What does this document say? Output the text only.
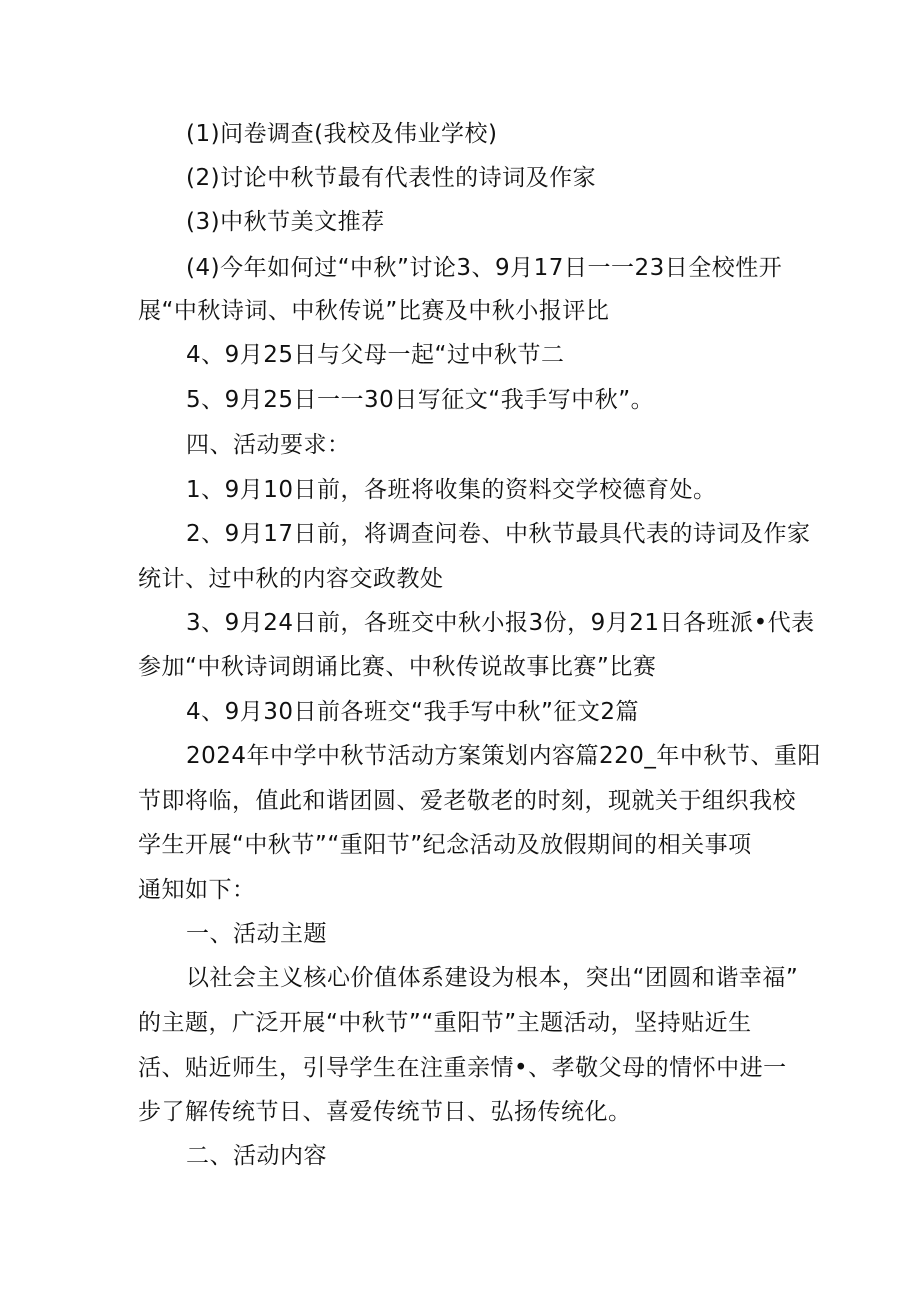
(1)问卷调查(我校及伟业学校)
(2)讨论中秋节最有代表性的诗词及作家
(3)中秋节美文推荐
(4)今年如何过“中秋”讨论3、9月17日一一23日全校性开
展“中秋诗词、中秋传说”比赛及中秋小报评比
4、9月25日与父母一起“过中秋节二
5、9月25日一一30日写征文“我手写中秋”。
四、活动要求：
1、9月10日前，各班将收集的资料交学校德育处。
2、9月17日前，将调查问卷、中秋节最具代表的诗词及作家
统计、过中秋的内容交政教处
3、9月24日前，各班交中秋小报3份，9月21日各班派•代表
参加“中秋诗词朗诵比赛、中秋传说故事比赛”比赛
4、9月30日前各班交“我手写中秋”征文2篇
2024年中学中秋节活动方案策划内容篇220_年中秋节、重阳
节即将临，值此和谐团圆、爱老敬老的时刻，现就关于组织我校
学生开展“中秋节”“重阳节”纪念活动及放假期间的相关事项
通知如下：
一、活动主题
以社会主义核心价值体系建设为根本，突出“团圆和谐幸福”
的主题，广泛开展“中秋节”“重阳节”主题活动，坚持贴近生
活、贴近师生，引导学生在注重亲情•、孝敬父母的情怀中进一
步了解传统节日、喜爱传统节日、弘扬传统化。
二、活动内容
